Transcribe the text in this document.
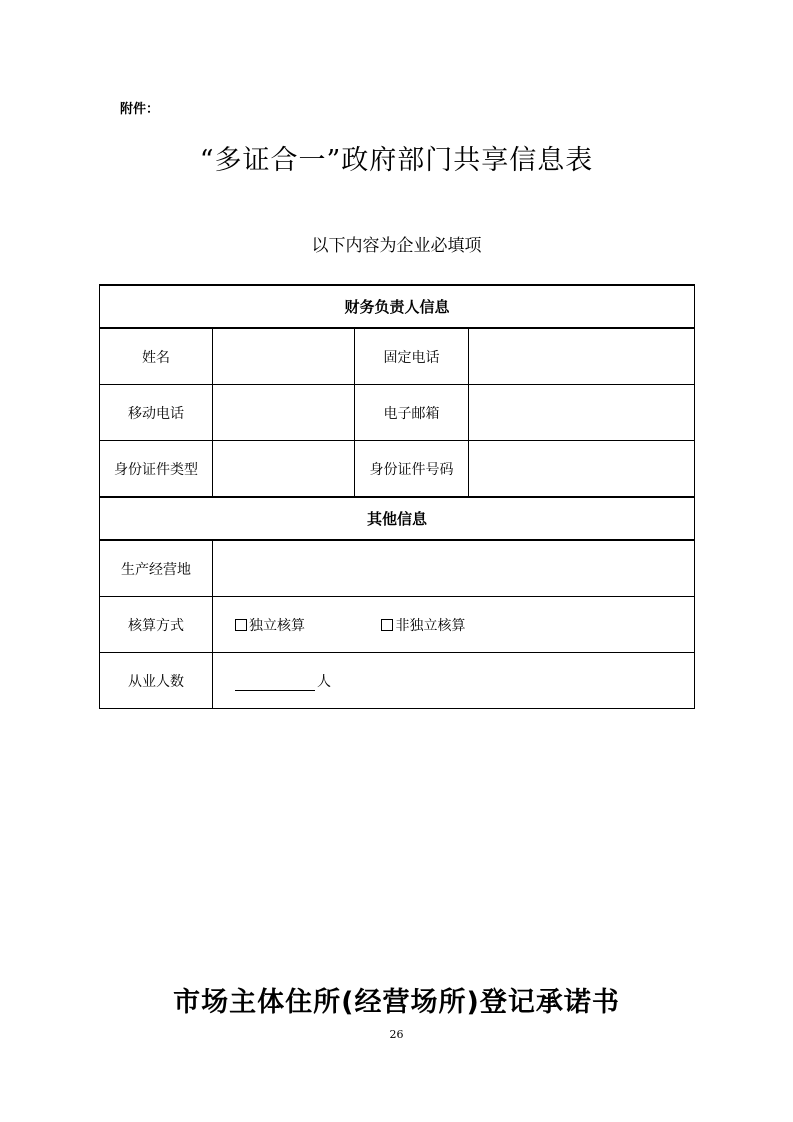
附件：
“多证合一”政府部门共享信息表
以下内容为企业必填项
财务负责人信息			
姓名		固定电话	
移动电话		电子邮箱	
身份证件类型		身份证件号码	
其他信息			
生产经营地			
核算方式	独立核算 非独立核算		
从业人数	人		
市场主体住所(经营场所)登记承诺书
26
